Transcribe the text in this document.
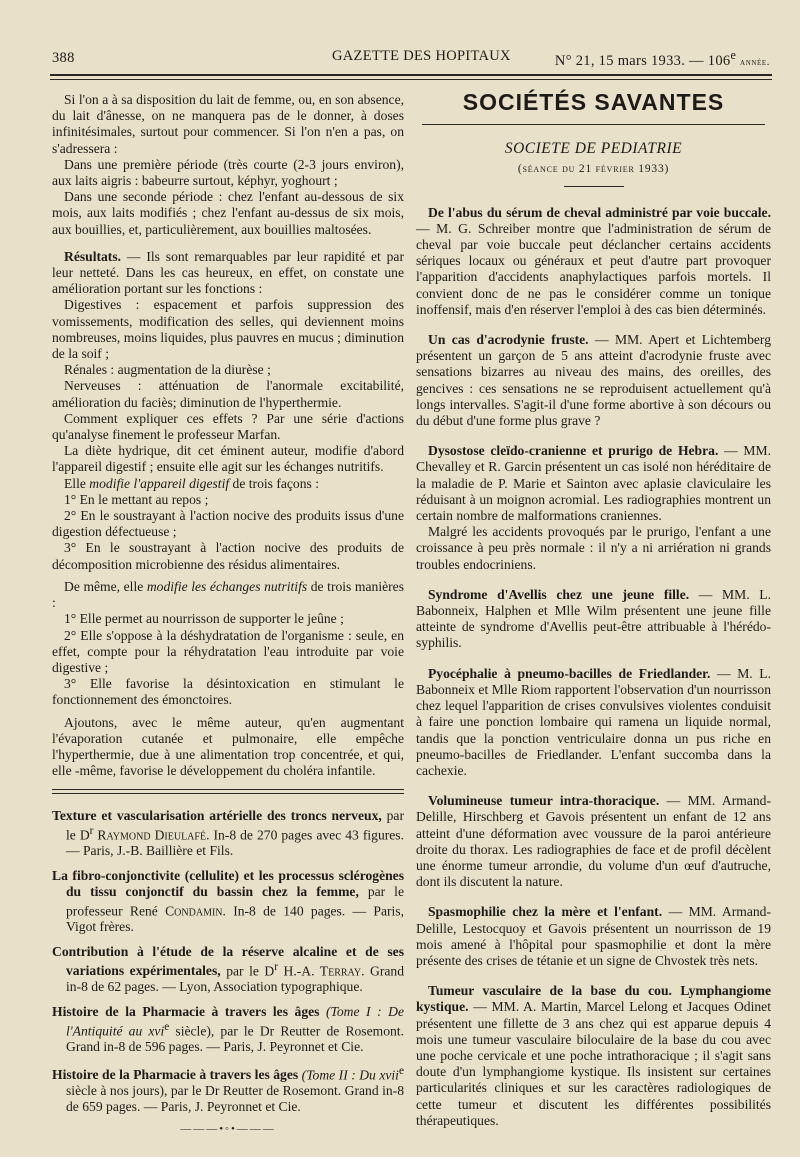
388	GAZETTE DES HOPITAUX	N° 21, 15 mars 1933. — 106e année.

Si l'on a à sa disposition du lait de femme, ou, en son absence, du lait d'ânesse, on ne manquera pas de le donner, à doses infinitésimales, surtout pour commencer. Si l'on n'en a pas, on s'adressera :

Dans une première période (très courte (2-3 jours environ), aux laits aigris : babeurre surtout, képhyr, yoghourt ;

Dans une seconde période : chez l'enfant au-dessous de six mois, aux laits modifiés ; chez l'enfant au-dessus de six mois, aux bouillies, et, particulièrement, aux bouillies maltosées.

Résultats. — Ils sont remarquables par leur rapidité et par leur netteté. Dans les cas heureux, en effet, on constate une amélioration portant sur les fonctions :

Digestives : espacement et parfois suppression des vomissements, modification des selles, qui deviennent moins nombreuses, moins liquides, plus pauvres en mucus ; diminution de la soif ;

Rénales : augmentation de la diurèse ;

Nerveuses : atténuation de l'anormale excitabilité, amélioration du faciès; diminution de l'hyperthermie.

Comment expliquer ces effets ? Par une série d'actions qu'analyse finement le professeur Marfan.

La diète hydrique, dit cet éminent auteur, modifie d'abord l'appareil digestif ; ensuite elle agit sur les échanges nutritifs.

Elle modifie l'appareil digestif de trois façons :

1° En le mettant au repos ;

2° En le soustrayant à l'action nocive des produits issus d'une digestion défectueuse ;

3° En le soustrayant à l'action nocive des produits de décomposition microbienne des résidus alimentaires.

De même, elle modifie les échanges nutritifs de trois manières :

1° Elle permet au nourrisson de supporter le jeûne ;

2° Elle s'oppose à la déshydratation de l'organisme : seule, en effet, compte pour la réhydratation l'eau introduite par voie digestive ;

3° Elle favorise la désintoxication en stimulant le fonctionnement des émonctoires.

Ajoutons, avec le même auteur, qu'en augmentant l'évaporation cutanée et pulmonaire, elle empêche l'hyperthermie, due à une alimentation trop concentrée, et qui, elle -même, favorise le développement du choléra infantile.

Texture et vascularisation artérielle des troncs nerveux, par le $D^r$ Raymond Dieulafé. In-8 de 270 pages avec 43 figures. — Paris, J.-B. Baillière et Fils.

La fibro-conjonctivite (cellulite) et les processus sclérogènes du tissu conjonctif du bassin chez la femme, par le professeur René Condamin. In-8 de 140 pages. — Paris, Vigot frères.

Contribution à l'étude de la réserve alcaline et de ses variations expérimentales, par le $D^r$ H.-A. Terray. Grand in-8 de 62 pages. — Lyon, Association typographique.

Histoire de la Pharmacie à travers les âges (Tome I : De l'Antiquité au xvi$^e$ siècle), par le Dr Reutter de Rosemont. Grand in-8 de 596 pages. — Paris, J. Peyronnet et Cie.

Histoire de la Pharmacie à travers les âges (Tome II : Du xvii$^e$ siècle à nos jours), par le Dr Reutter de Rosemont. Grand in-8 de 659 pages. — Paris, J. Peyronnet et Cie.

———•◦•———
SOCIÉTÉS SAVANTES
SOCIETE DE PEDIATRIE
(séance du 21 février 1933)

De l'abus du sérum de cheval administré par voie buccale. — M. G. Schreiber montre que l'administration de sérum de cheval par voie buccale peut déclancher certains accidents sériques locaux ou généraux et peut d'autre part provoquer l'apparition d'accidents anaphylactiques parfois mortels. Il convient donc de ne pas le considérer comme un tonique inoffensif, mais d'en réserver l'emploi à des cas bien déterminés.

Un cas d'acrodynie fruste. — MM. Apert et Lichtemberg présentent un garçon de 5 ans atteint d'acrodynie fruste avec sensations bizarres au niveau des mains, des oreilles, des gencives : ces sensations ne se reproduisent actuellement qu'à longs intervalles. S'agit-il d'une forme abortive à son décours ou du début d'une forme plus grave ?

Dysostose cleïdo-cranienne et prurigo de Hebra. — MM. Chevalley et R. Garcin présentent un cas isolé non héréditaire de la maladie de P. Marie et Sainton avec aplasie claviculaire les réduisant à un moignon acromial. Les radiographies montrent un certain nombre de malformations craniennes.

Malgré les accidents provoqués par le prurigo, l'enfant a une croissance à peu près normale : il n'y a ni arriération ni grands troubles endocriniens.

Syndrome d'Avellis chez une jeune fille. — MM. L. Babonneix, Halphen et Mlle Wilm présentent une jeune fille atteinte de syndrome d'Avellis peut-être attribuable à l'hérédo-syphilis.

Pyocéphalie à pneumo-bacilles de Friedlander. — M. L. Babonneix et Mlle Riom rapportent l'observation d'un nourrisson chez lequel l'apparition de crises convulsives violentes conduisit à faire une ponction lombaire qui ramena un liquide normal, tandis que la ponction ventriculaire donna un pus riche en pneumo-bacilles de Friedlander. L'enfant succomba dans la cachexie.

Volumineuse tumeur intra-thoracique. — MM. Armand-Delille, Hirschberg et Gavois présentent un enfant de 12 ans atteint d'une déformation avec voussure de la paroi antérieure droite du thorax. Les radiographies de face et de profil décèlent une énorme tumeur arrondie, du volume d'un œuf d'autruche, dont ils discutent la nature.

Spasmophilie chez la mère et l'enfant. — MM. Armand-Delille, Lestocquoy et Gavois présentent un nourrisson de 19 mois amené à l'hôpital pour spasmophilie et dont la mère présente des crises de tétanie et un signe de Chvostek très nets.

Tumeur vasculaire de la base du cou. Lymphangiome kystique. — MM. A. Martin, Marcel Lelong et Jacques Odinet présentent une fillette de 3 ans chez qui est apparue depuis 4 mois une tumeur vasculaire biloculaire de la base du cou avec une poche cervicale et une poche intrathoracique ; il s'agit sans doute d'un lymphangiome kystique. Ils insistent sur certaines particularités cliniques et sur les caractères radiologiques de cette tumeur et discutent les différentes possibilités thérapeutiques.
